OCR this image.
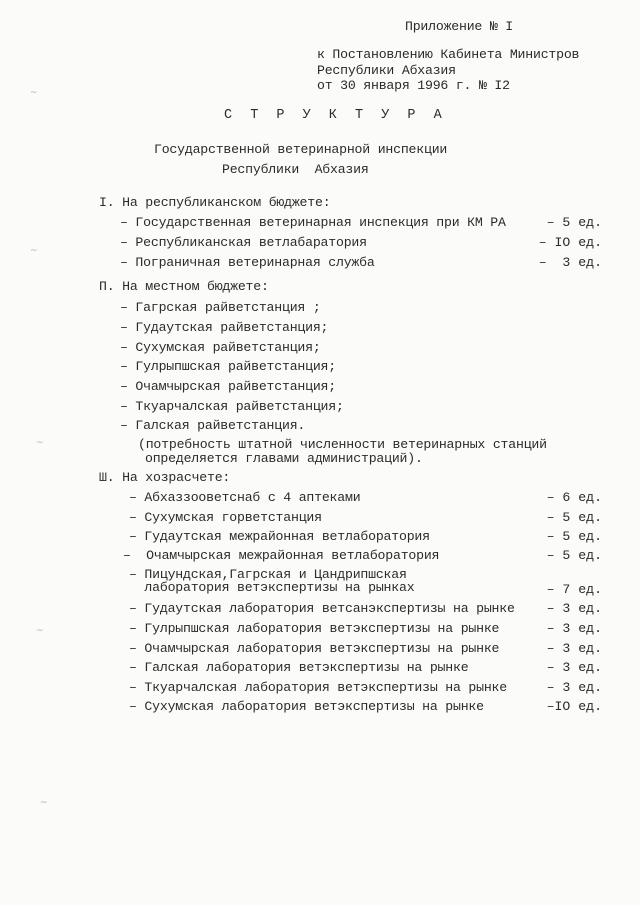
~
~
~
~
~
Приложение № I
к Постановлению Кабинета Министров
Республики Абхазия
от 30 января 1996 г. № I2
С Т Р У К Т У Р А
Государственной ветеринарной инспекции
Республики  Абхазия
I. На республиканском бюджете:
– Государственная ветеринарная инспекция при КМ РА	– 5 ед.
– Республиканская ветлабаратория	– IO ед.
– Пограничная ветеринарная служба	–  3 ед.
П. На местном бюджете:
– Гагрская райветстанция ;
– Гудаутская райветстанция;
– Сухумская райветстанция;
– Гулрыпшская райветстанция;
– Очамчырская райветстанция;
– Ткуарчалская райветстанция;
– Галская райветстанция.
(потребность штатной численности ветеринарных станций
определяется главами администраций).
Ш. На хозрасчете:
– Абхаззооветснаб с 4 аптеками	– 6 ед.
– Сухумская горветстанция	– 5 ед.
– Гудаутская межрайонная ветлаборатория	– 5 ед.
–  Очамчырская межрайонная ветлаборатория	– 5 ед.
– Пицундская,Гагрская и Цандрипшская
лаборатория ветэкспертизы на рынках	– 7 ед.
– Гудаутская лаборатория ветсанэкспертизы на рынке – 3 ед.
– Гулрыпшская лаборатория ветэкспертизы на рынке	– 3 ед.
– Очамчырская лаборатория ветэкспертизы на рынке	– 3 ед.
– Галская лаборатория ветэкспертизы на рынке	– 3 ед.
– Ткуарчалская лаборатория ветэкспертизы на рынке	– 3 ед.
– Сухумская лаборатория ветэкспертизы на рынке	–IO ед.
